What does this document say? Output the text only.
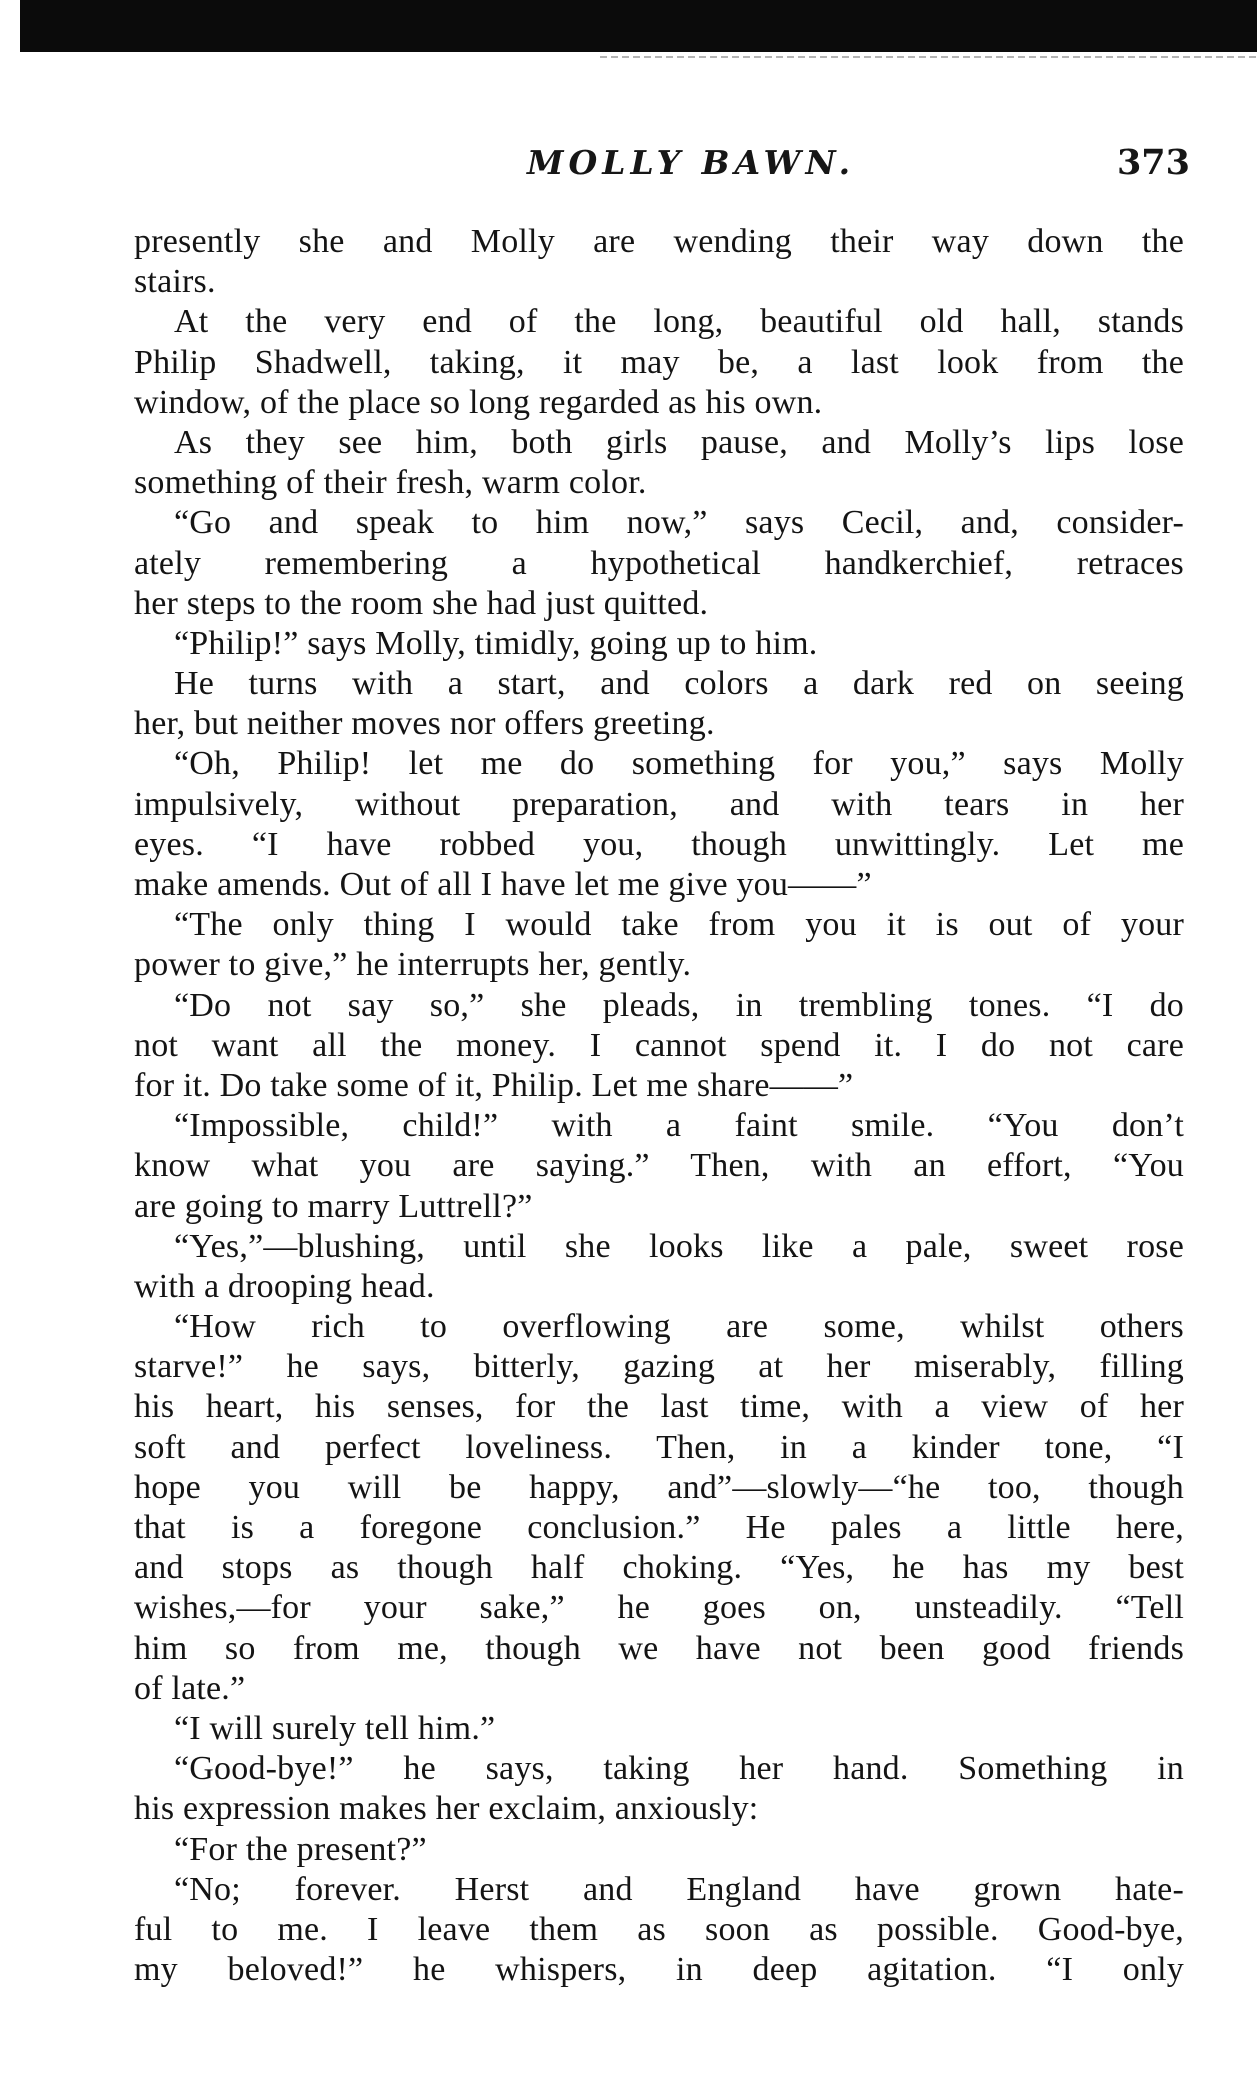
MOLLY BAWN.	373
presently she and Molly are wending their way down the
stairs.
At the very end of the long, beautiful old hall, stands
Philip Shadwell, taking, it may be, a last look from the
window, of the place so long regarded as his own.
As they see him, both girls pause, and Molly’s lips lose
something of their fresh, warm color.
“Go and speak to him now,” says Cecil, and, consider-
ately remembering a hypothetical handkerchief, retraces
her steps to the room she had just quitted.
“Philip!” says Molly, timidly, going up to him.
He turns with a start, and colors a dark red on seeing
her, but neither moves nor offers greeting.
“Oh, Philip! let me do something for you,” says Molly
impulsively, without preparation, and with tears in her
eyes. “I have robbed you, though unwittingly. Let me
make amends. Out of all I have let me give you——”
“The only thing I would take from you it is out of your
power to give,” he interrupts her, gently.
“Do not say so,” she pleads, in trembling tones. “I do
not want all the money. I cannot spend it. I do not care
for it. Do take some of it, Philip. Let me share——”
“Impossible, child!” with a faint smile. “You don’t
know what you are saying.” Then, with an effort, “You
are going to marry Luttrell?”
“Yes,”—blushing, until she looks like a pale, sweet rose
with a drooping head.
“How rich to overflowing are some, whilst others
starve!” he says, bitterly, gazing at her miserably, filling
his heart, his senses, for the last time, with a view of her
soft and perfect loveliness. Then, in a kinder tone, “I
hope you will be happy, and”—slowly—“he too, though
that is a foregone conclusion.” He pales a little here,
and stops as though half choking. “Yes, he has my best
wishes,—for your sake,” he goes on, unsteadily. “Tell
him so from me, though we have not been good friends
of late.”
“I will surely tell him.”
“Good-bye!” he says, taking her hand. Something in
his expression makes her exclaim, anxiously:
“For the present?”
“No; forever. Herst and England have grown hate-
ful to me. I leave them as soon as possible. Good-bye,
my beloved!” he whispers, in deep agitation. “I only
